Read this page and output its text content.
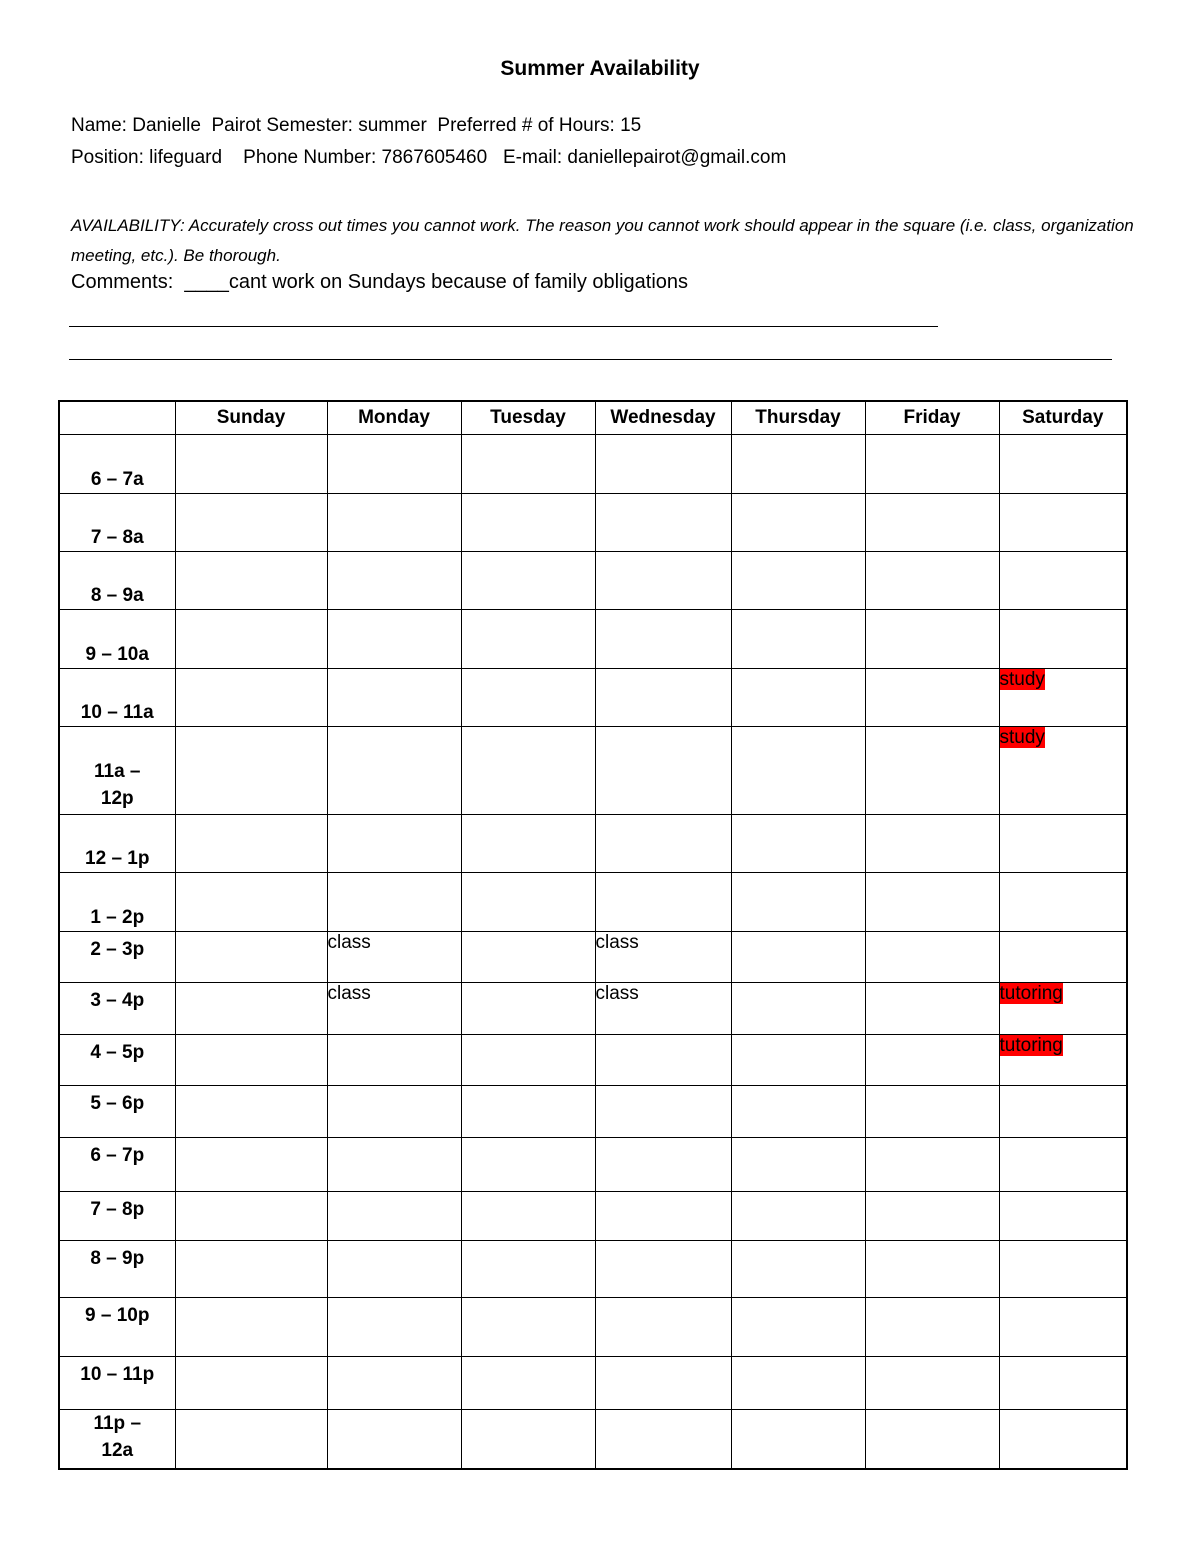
Summer Availability
Name: Danielle  Pairot Semester: summer  Preferred # of Hours: 15
Position: lifeguard    Phone Number: 7867605460   E-mail: daniellepairot@gmail.com
AVAILABILITY: Accurately cross out times you cannot work. The reason you cannot work should appear in the square (i.e. class, organization meeting, etc.). Be thorough.
Comments:  ____cant work on Sundays because of family obligations
	Sunday	Monday	Tuesday	Wednesday	Thursday	Friday	Saturday
6 – 7a							
7 – 8a							
8 – 9a							
9 – 10a							
10 – 11a							study
11a – 12p							study
12 – 1p							
1 – 2p							
2 – 3p		class		class			
3 – 4p		class		class			tutoring
4 – 5p							tutoring
5 – 6p							
6 – 7p							
7 – 8p							
8 – 9p							
9 – 10p							
10 – 11p							
11p – 12a							
